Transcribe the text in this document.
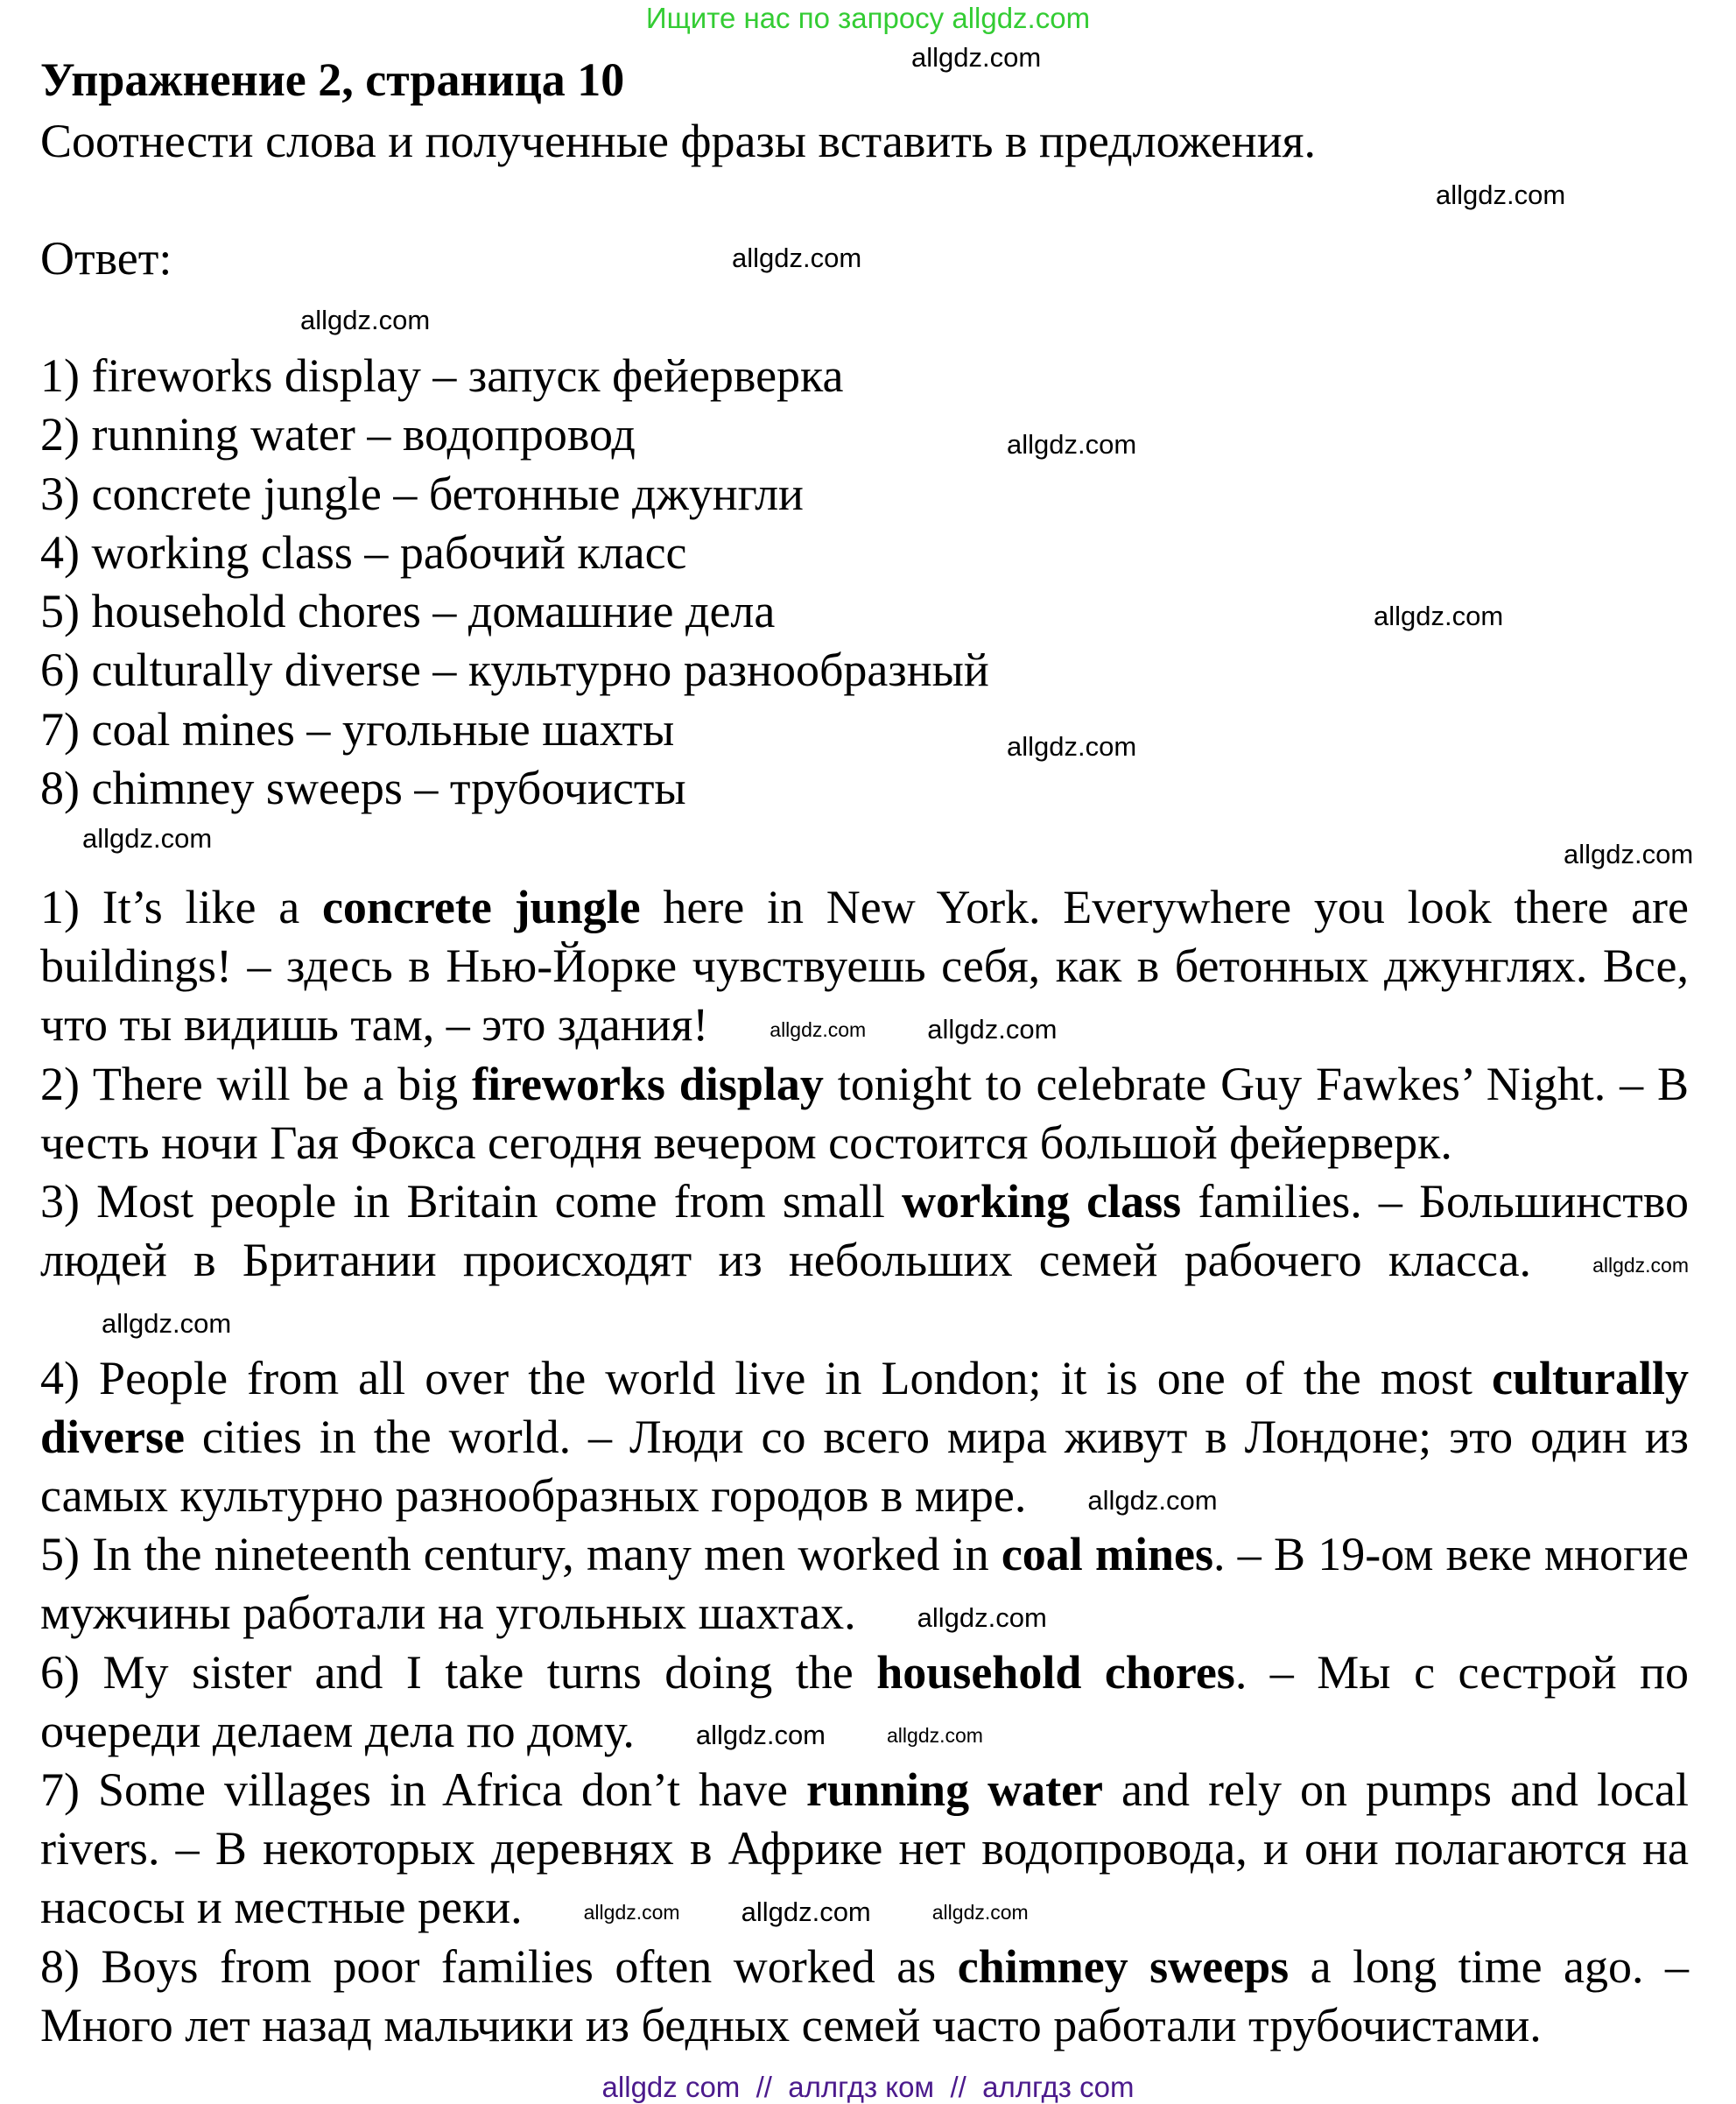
Ищите нас по запросу allgdz.com
Упражнение 2, страница 10
Соотнести слова и полученные фразы вставить в предложения.
Ответ:
1) fireworks display – запуск фейерверка
2) running water – водопровод
3) concrete jungle – бетонные джунгли
4) working class – рабочий класс
5) household chores – домашние дела
6) culturally diverse – культурно разнообразный
7) coal mines – угольные шахты
8) chimney sweeps – трубочисты
allgdz.com
allgdz.com
allgdz.com
allgdz.com
allgdz.com
allgdz.com
allgdz.com
allgdz.com
allgdz.com

1) It’s like a concrete jungle here in New York. Everywhere you look there are buildings! – здесь в Нью-Йорке чувствуешь себя, как в бетонных джунглях. Все, что ты видишь там, – это здания!	allgdz.com allgdz.com

2) There will be a big fireworks display tonight to celebrate Guy Fawkes’ Night. – В честь ночи Гая Фокса сегодня вечером состоится большой фейерверк.

3) Most people in Britain come from small working class families. – Большинство людей в Британии происходят из небольших семей рабочего класса.	allgdz.comallgdz.com

4) People from all over the world live in London; it is one of the most culturally diverse cities in the world. – Люди со всего мира живут в Лондоне; это один из самых культурно разнообразных городов в мире. allgdz.com

5) In the nineteenth century, many men worked in coal mines. – В 19-ом веке многие мужчины работали на угольных шахтах. allgdz.com

6) My sister and I take turns doing the household chores. – Мы с сестрой по очереди делаем дела по дому. allgdz.com	allgdz.com

7) Some villages in Africa don’t have running water and rely on pumps and local rivers. – В некоторых деревнях в Африке нет водопровода, и они полагаются на насосы и местные реки.	allgdz.com allgdz.com	allgdz.com

8) Boys from poor families often worked as chimney sweeps a long time ago. – Много лет назад мальчики из бедных семей часто работали трубочистами.

allgdz com  //  аллгдз ком  //  аллгдз com
